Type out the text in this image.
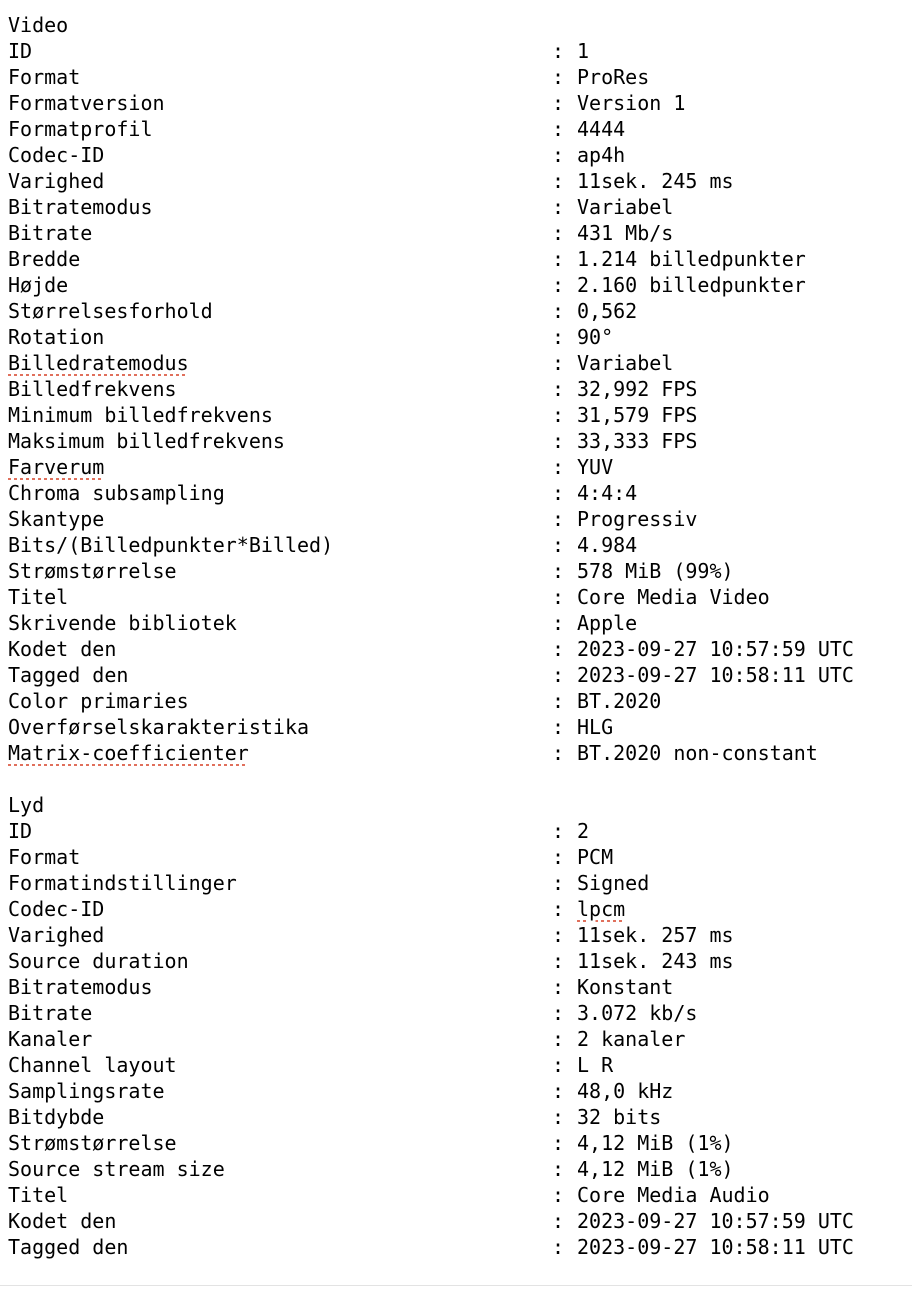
Video
ID	: 1
Format	: ProRes
Formatversion	: Version 1
Formatprofil	: 4444
Codec-ID	: ap4h
Varighed	: 11sek. 245 ms
Bitratemodus	: Variabel
Bitrate	: 431 Mb/s
Bredde	: 1.214 billedpunkter
Højde	: 2.160 billedpunkter
Størrelsesforhold	: 0,562
Rotation	: 90°
Billedratemodus	: Variabel
Billedfrekvens	: 32,992 FPS
Minimum billedfrekvens	: 31,579 FPS
Maksimum billedfrekvens	: 33,333 FPS
Farverum	: YUV
Chroma subsampling	: 4:4:4
Skantype	: Progressiv
Bits/(Billedpunkter*Billed)	: 4.984
Strømstørrelse	: 578 MiB (99%)
Titel	: Core Media Video
Skrivende bibliotek	: Apple
Kodet den	: 2023-09-27 10:57:59 UTC
Tagged den	: 2023-09-27 10:58:11 UTC
Color primaries	: BT.2020
Overførselskarakteristika	: HLG
Matrix-coefficienter	: BT.2020 non-constant
Lyd
ID	: 2
Format	: PCM
Formatindstillinger	: Signed
Codec-ID	: lpcm
Varighed	: 11sek. 257 ms
Source duration	: 11sek. 243 ms
Bitratemodus	: Konstant
Bitrate	: 3.072 kb/s
Kanaler	: 2 kanaler
Channel layout	: L R
Samplingsrate	: 48,0 kHz
Bitdybde	: 32 bits
Strømstørrelse	: 4,12 MiB (1%)
Source stream size	: 4,12 MiB (1%)
Titel	: Core Media Audio
Kodet den	: 2023-09-27 10:57:59 UTC
Tagged den	: 2023-09-27 10:58:11 UTC
